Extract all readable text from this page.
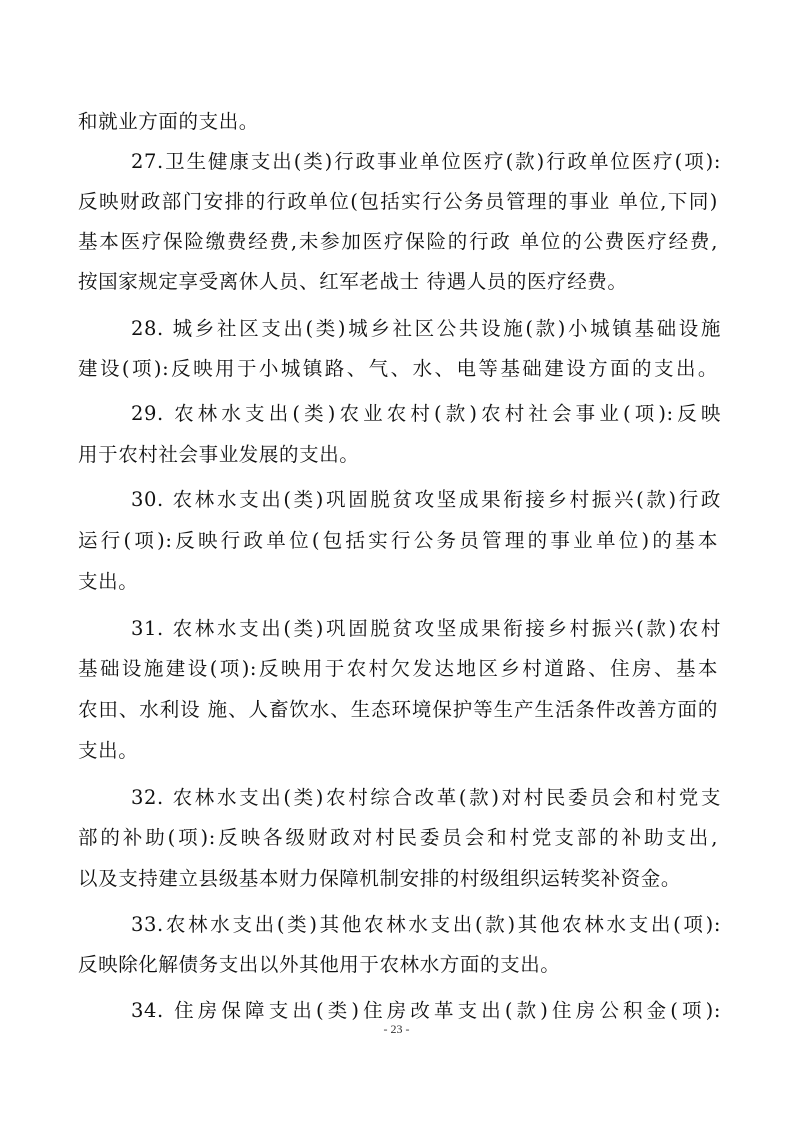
和就业方面的支出。
27.卫生健康支出(类)行政事业单位医疗(款)行政单位医疗(项):
反映财政部门安排的行政单位(包括实行公务员管理的事业 单位,下同)
基本医疗保险缴费经费,未参加医疗保险的行政 单位的公费医疗经费,
按国家规定享受离休人员、红军老战士 待遇人员的医疗经费。
28. 城乡社区支出(类)城乡社区公共设施(款)小城镇基础设施
建设(项):反映用于小城镇路、气、水、电等基础建设方面的支出。
29. 农林水支出(类)农业农村(款)农村社会事业(项):反映
用于农村社会事业发展的支出。
30. 农林水支出(类)巩固脱贫攻坚成果衔接乡村振兴(款)行政
运行(项):反映行政单位(包括实行公务员管理的事业单位)的基本
支出。
31. 农林水支出(类)巩固脱贫攻坚成果衔接乡村振兴(款)农村
基础设施建设(项):反映用于农村欠发达地区乡村道路、住房、基本
农田、水利设 施、人畜饮水、生态环境保护等生产生活条件改善方面的
支出。
32. 农林水支出(类)农村综合改革(款)对村民委员会和村党支
部的补助(项):反映各级财政对村民委员会和村党支部的补助支出,
以及支持建立县级基本财力保障机制安排的村级组织运转奖补资金。
33.农林水支出(类)其他农林水支出(款)其他农林水支出(项):
反映除化解债务支出以外其他用于农林水方面的支出。
34. 住房保障支出(类)住房改革支出(款)住房公积金(项):
- 23 -
